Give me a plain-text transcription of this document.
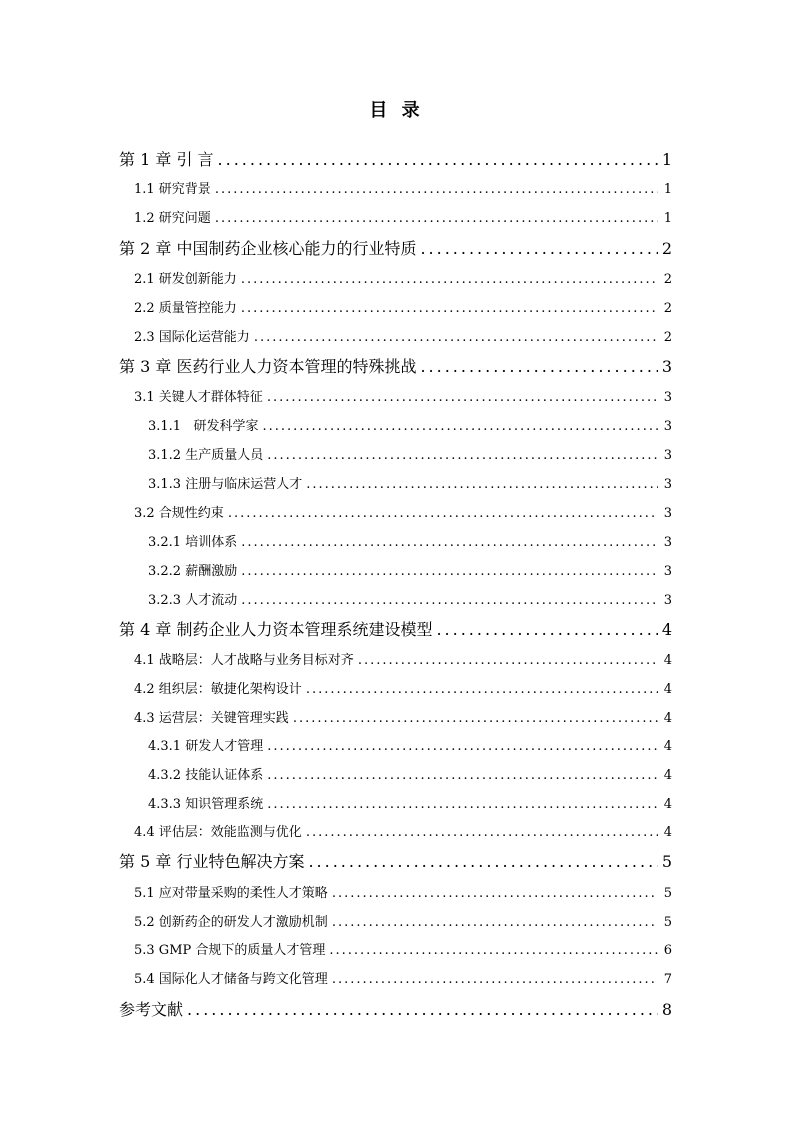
目 录
第 1 章 引 言 .....	1
1.1 研究背景 .....	1
1.2 研究问题 .....	1
第 2 章 中国制药企业核心能力的行业特质 .....	2
2.1 研发创新能力 .....	2
2.2 质量管控能力 .....	2
2.3 国际化运营能力 .....	2
第 3 章 医药行业人力资本管理的特殊挑战 .....	3
3.1 关键人才群体特征 .....	3
3.1.1   研发科学家 .....	3
3.1.2 生产质量人员 .....	3
3.1.3 注册与临床运营人才 .....	3
3.2 合规性约束 .....	3
3.2.1 培训体系 .....	3
3.2.2 薪酬激励 .....	3
3.2.3 人才流动 .....	3
第 4 章 制药企业人力资本管理系统建设模型 .....	4
4.1 战略层：人才战略与业务目标对齐 .....	4
4.2 组织层：敏捷化架构设计 .....	4
4.3 运营层：关键管理实践 .....	4
4.3.1 研发人才管理 .....	4
4.3.2 技能认证体系 .....	4
4.3.3 知识管理系统 .....	4
4.4 评估层：效能监测与优化 .....	4
第 5 章 行业特色解决方案 .....	5
5.1 应对带量采购的柔性人才策略 .....	5
5.2 创新药企的研发人才激励机制 .....	5
5.3 GMP 合规下的质量人才管理 .....	6
5.4 国际化人才储备与跨文化管理 .....	7
参考文献 .....	8
